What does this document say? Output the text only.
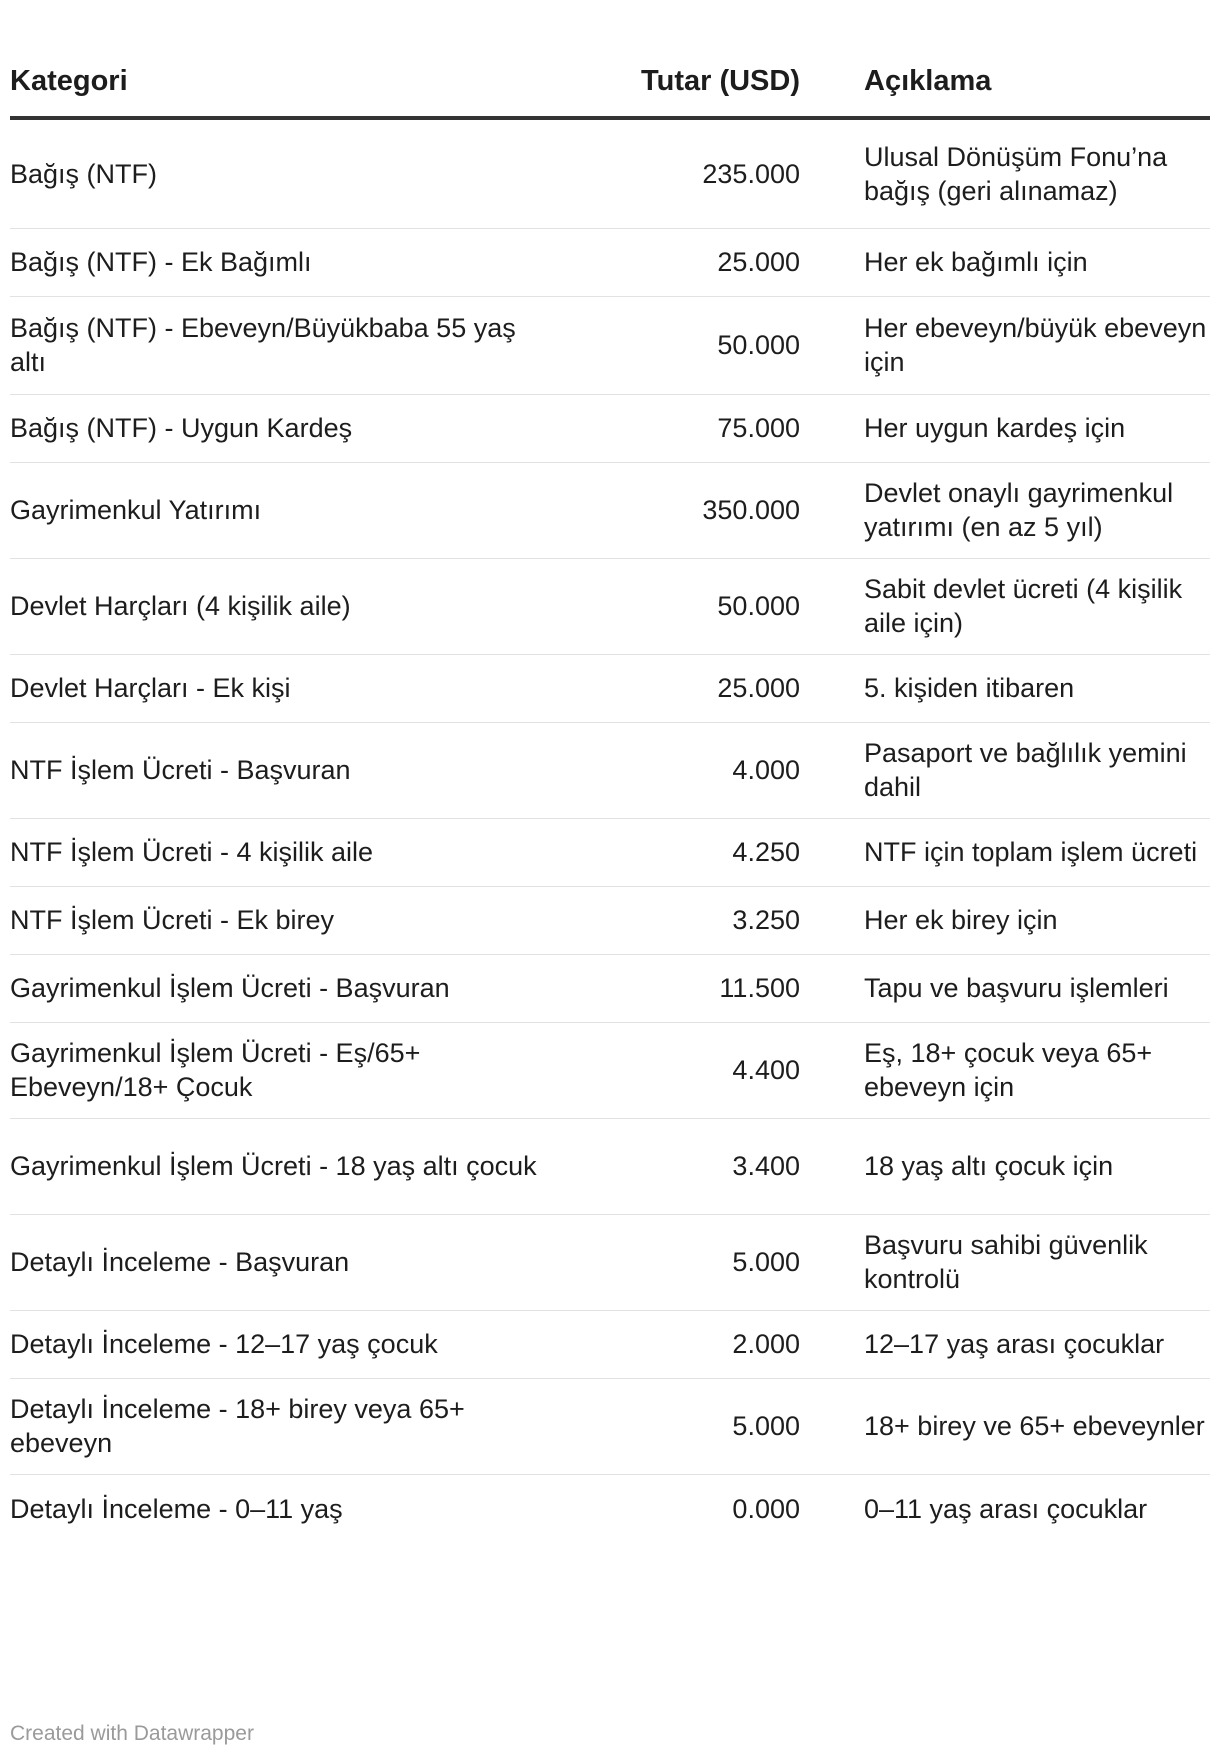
Kategori	Tutar (USD)	Açıklama
Bağış (NTF)	235.000	Ulusal Dönüşüm Fonu’na bağış (geri alınamaz)
Bağış (NTF) - Ek Bağımlı	25.000	Her ek bağımlı için
Bağış (NTF) - Ebeveyn/Büyükbaba 55 yaş altı	50.000	Her ebeveyn/büyük ebeveyn için
Bağış (NTF) - Uygun Kardeş	75.000	Her uygun kardeş için
Gayrimenkul Yatırımı	350.000	Devlet onaylı gayrimenkul yatırımı (en az 5 yıl)
Devlet Harçları (4 kişilik aile)	50.000	Sabit devlet ücreti (4 kişilik aile için)
Devlet Harçları - Ek kişi	25.000	5. kişiden itibaren
NTF İşlem Ücreti - Başvuran	4.000	Pasaport ve bağlılık yemini dahil
NTF İşlem Ücreti - 4 kişilik aile	4.250	NTF için toplam işlem ücreti
NTF İşlem Ücreti - Ek birey	3.250	Her ek birey için
Gayrimenkul İşlem Ücreti - Başvuran	11.500	Tapu ve başvuru işlemleri
Gayrimenkul İşlem Ücreti - Eş/65+ Ebeveyn/18+ Çocuk	4.400	Eş, 18+ çocuk veya 65+ ebeveyn için
Gayrimenkul İşlem Ücreti - 18 yaş altı çocuk	3.400	18 yaş altı çocuk için
Detaylı İnceleme - Başvuran	5.000	Başvuru sahibi güvenlik kontrolü
Detaylı İnceleme - 12–17 yaş çocuk	2.000	12–17 yaş arası çocuklar
Detaylı İnceleme - 18+ birey veya 65+ ebeveyn	5.000	18+ birey ve 65+ ebeveynler
Detaylı İnceleme - 0–11 yaş	0.000	0–11 yaş arası çocuklar
Created with Datawrapper
